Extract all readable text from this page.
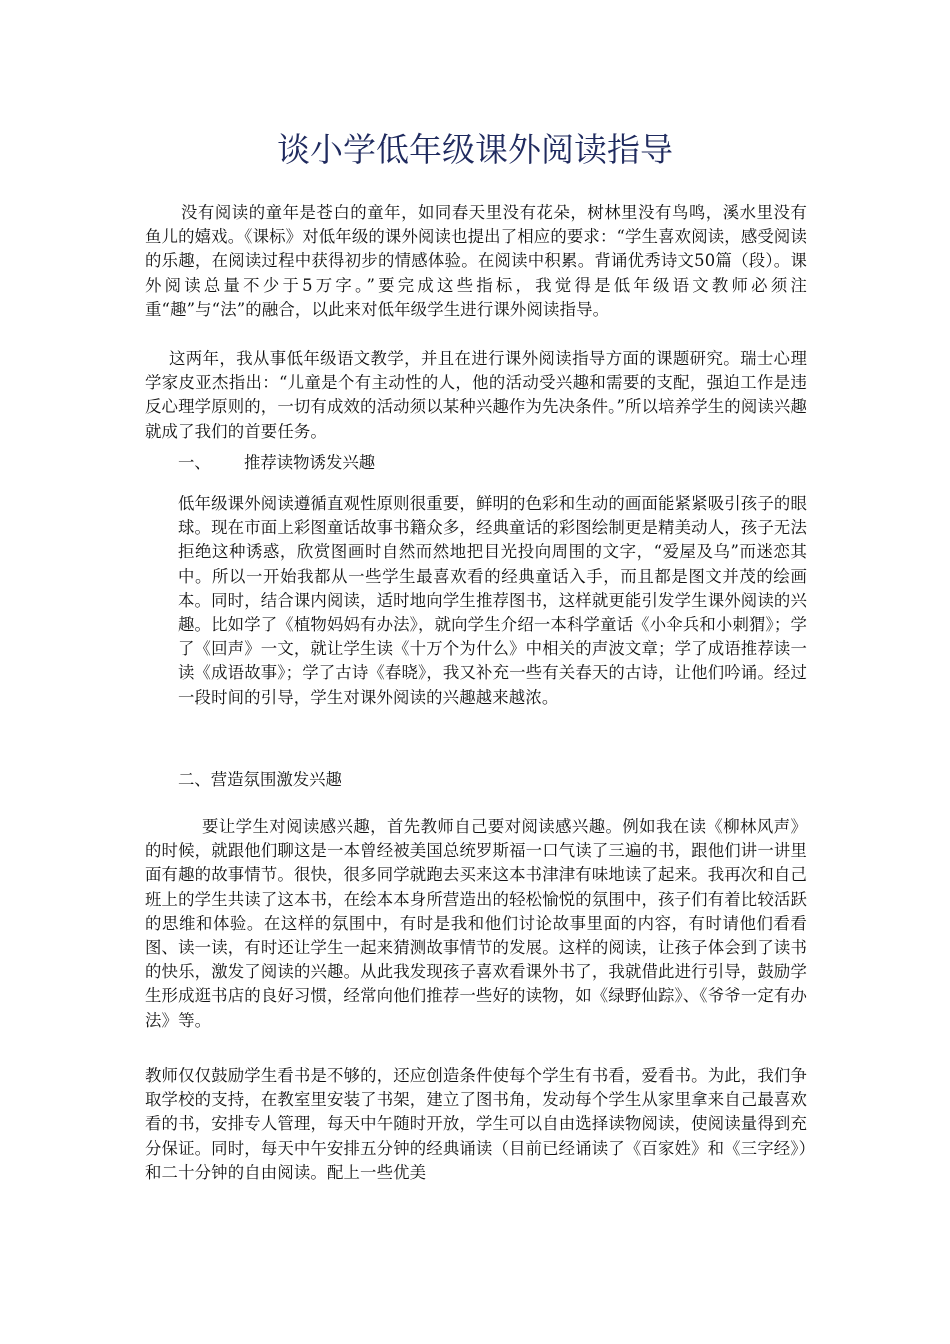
谈小学低年级课外阅读指导

没有阅读的童年是苍白的童年，如同春天里没有花朵，树林里没有鸟鸣，溪水里没有鱼儿的嬉戏。《课标》对低年级的课外阅读也提出了相应的要求：“学生喜欢阅读，感受阅读的乐趣，在阅读过程中获得初步的情感体验。在阅读中积累。背诵优秀诗文50篇（段）。课外阅读总量不少于5万字。”要完成这些指标，我觉得是低年级语文教师必须注重“趣”与“法”的融合，以此来对低年级学生进行课外阅读指导。

这两年，我从事低年级语文教学，并且在进行课外阅读指导方面的课题研究。瑞士心理学家皮亚杰指出：“儿童是个有主动性的人，他的活动受兴趣和需要的支配，强迫工作是违反心理学原则的，一切有成效的活动须以某种兴趣作为先决条件。”所以培养学生的阅读兴趣就成了我们的首要任务。

一、 推荐读物诱发兴趣

低年级课外阅读遵循直观性原则很重要，鲜明的色彩和生动的画面能紧紧吸引孩子的眼球。现在市面上彩图童话故事书籍众多，经典童话的彩图绘制更是精美动人，孩子无法拒绝这种诱惑，欣赏图画时自然而然地把目光投向周围的文字，“爱屋及乌”而迷恋其中。所以一开始我都从一些学生最喜欢看的经典童话入手，而且都是图文并茂的绘画本。同时，结合课内阅读，适时地向学生推荐图书，这样就更能引发学生课外阅读的兴趣。比如学了《植物妈妈有办法》，就向学生介绍一本科学童话《小伞兵和小刺猬》；学了《回声》一文，就让学生读《十万个为什么》中相关的声波文章；学了成语推荐读一读《成语故事》；学了古诗《春晓》，我又补充一些有关春天的古诗，让他们吟诵。经过一段时间的引导，学生对课外阅读的兴趣越来越浓。

二、营造氛围激发兴趣

要让学生对阅读感兴趣，首先教师自己要对阅读感兴趣。例如我在读《柳林风声》的时候，就跟他们聊这是一本曾经被美国总统罗斯福一口气读了三遍的书，跟他们讲一讲里面有趣的故事情节。很快，很多同学就跑去买来这本书津津有味地读了起来。我再次和自己班上的学生共读了这本书，在绘本本身所营造出的轻松愉悦的氛围中，孩子们有着比较活跃的思维和体验。在这样的氛围中，有时是我和他们讨论故事里面的内容，有时请他们看看图、读一读，有时还让学生一起来猜测故事情节的发展。这样的阅读，让孩子体会到了读书的快乐，激发了阅读的兴趣。从此我发现孩子喜欢看课外书了，我就借此进行引导，鼓励学生形成逛书店的良好习惯，经常向他们推荐一些好的读物，如《绿野仙踪》、《爷爷一定有办法》等。

教师仅仅鼓励学生看书是不够的，还应创造条件使每个学生有书看，爱看书。为此，我们争取学校的支持，在教室里安装了书架，建立了图书角，发动每个学生从家里拿来自己最喜欢看的书，安排专人管理，每天中午随时开放，学生可以自由选择读物阅读，使阅读量得到充分保证。同时，每天中午安排五分钟的经典诵读（目前已经诵读了《百家姓》和《三字经》）和二十分钟的自由阅读。配上一些优美
